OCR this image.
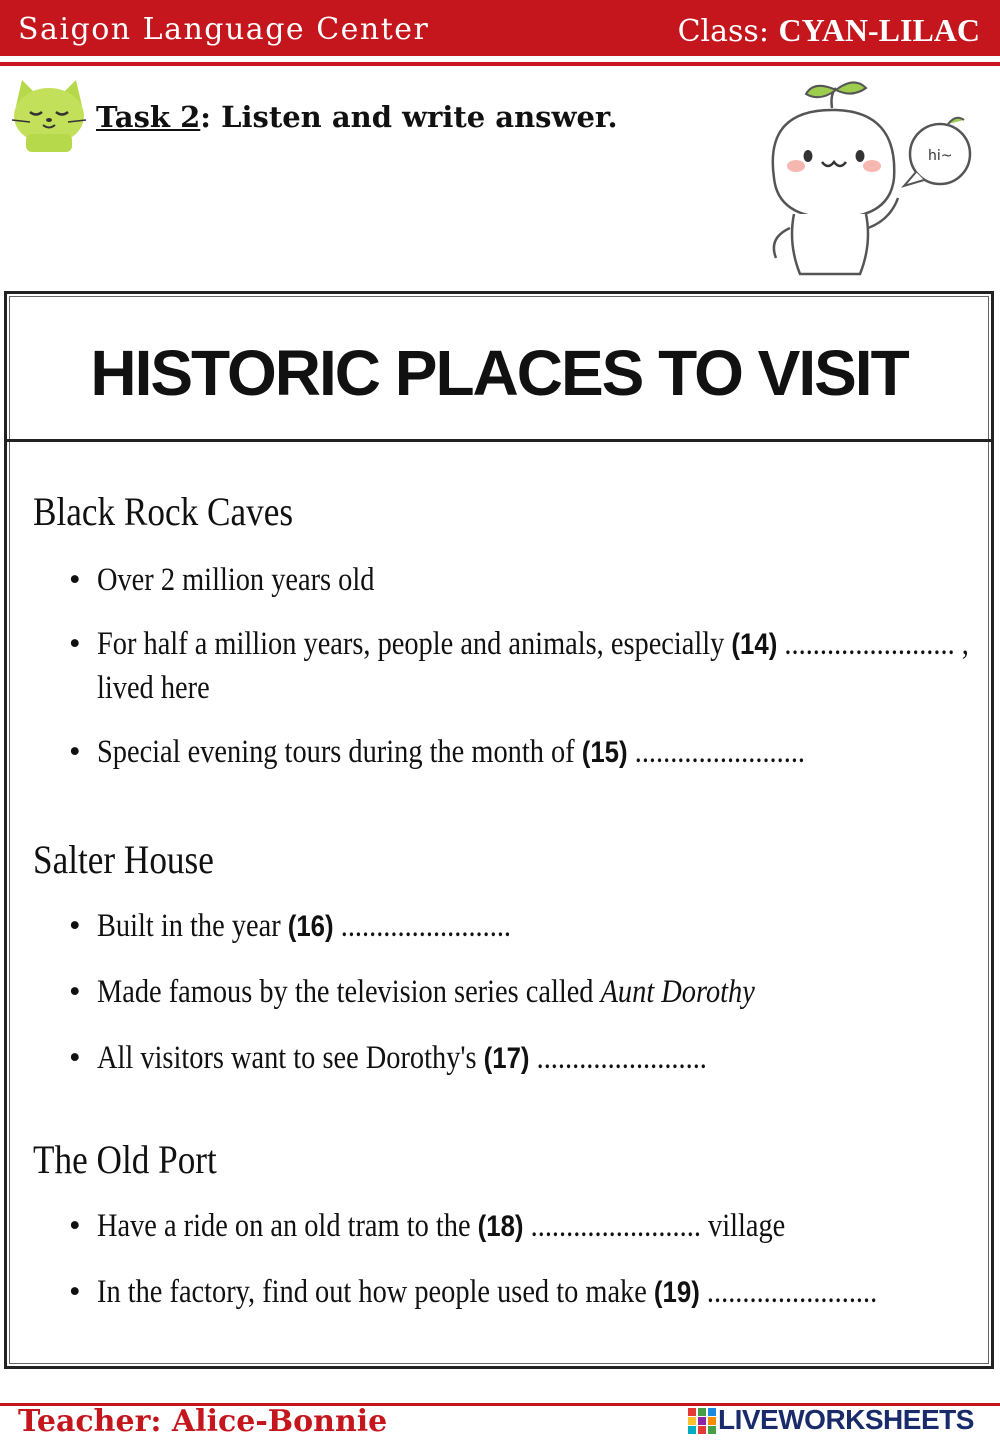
Saigon Language Center	Class: CYAN-LILAC
Task 2: Listen and write answer.
hi~
HISTORIC PLACES TO VISIT
Black Rock Caves
• Over 2 million years old
• For half a million years, people and animals, especially (14) ........................ ,
lived here
• Special evening tours during the month of (15) ........................
Salter House
• Built in the year (16) ........................
• Made famous by the television series called Aunt Dorothy
• All visitors want to see Dorothy's (17) ........................
The Old Port
• Have a ride on an old tram to the (18) ........................ village
• In the factory, find out how people used to make (19) ........................
Teacher: Alice-Bonnie	LIVEWORKSHEETS
